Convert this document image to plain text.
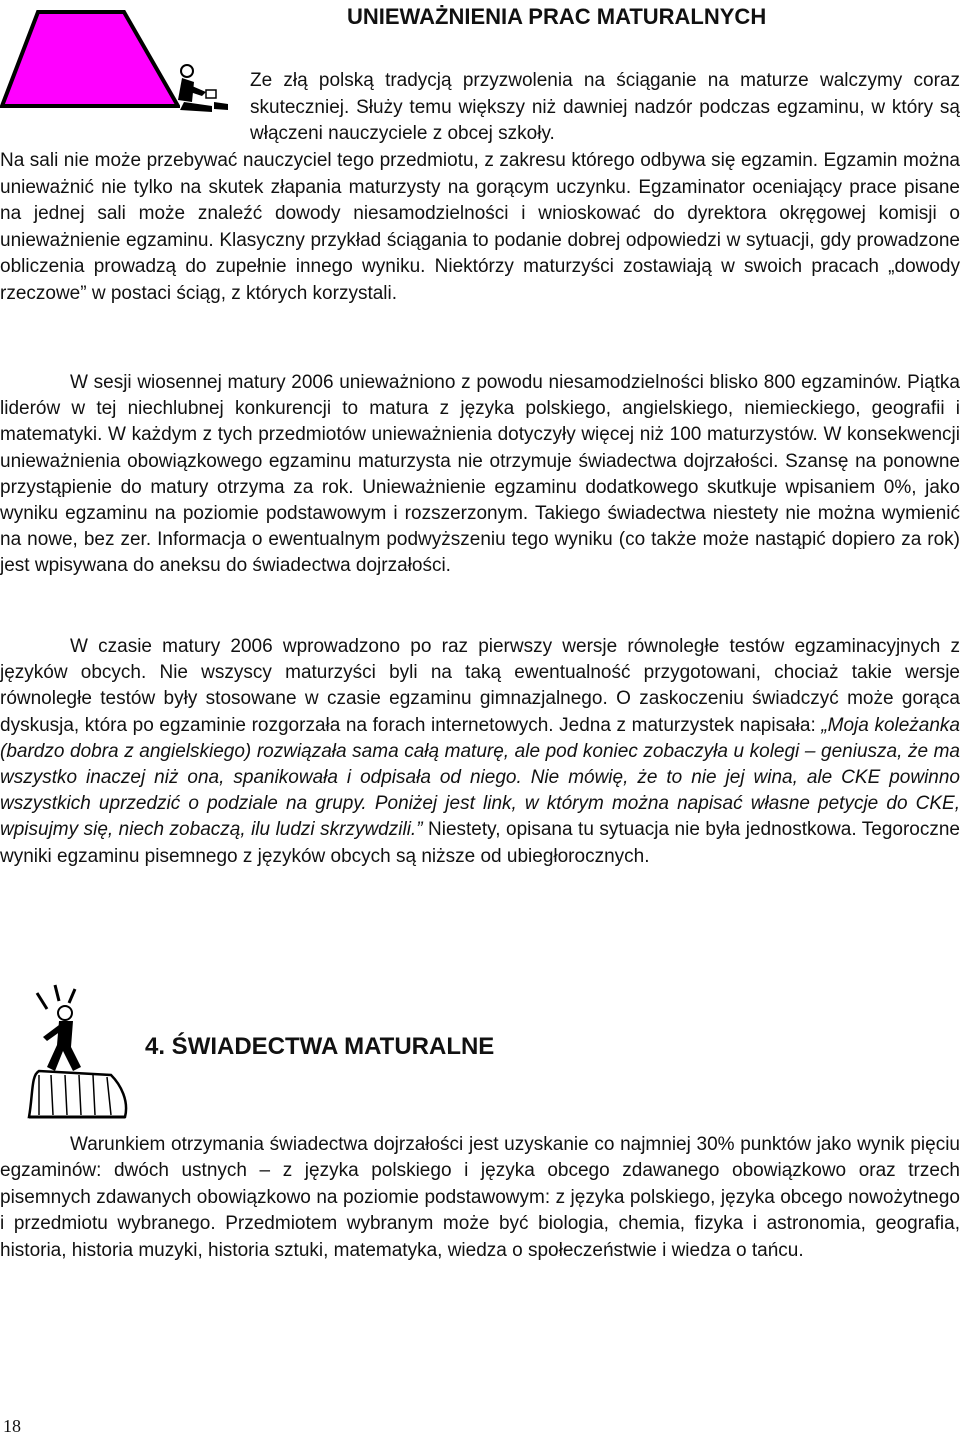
UNIEWAŻNIENIA PRAC MATURALNYCH

Ze złą polską tradycją przyzwolenia na ściąganie na maturze walczymy coraz skuteczniej. Służy temu większy niż dawniej nadzór podczas egzaminu, w który są włączeni nauczyciele z obcej szkoły.

Na sali nie może przebywać nauczyciel tego przedmiotu, z zakresu którego odbywa się egzamin. Egzamin można unieważnić nie tylko na skutek złapania maturzysty na gorącym uczynku. Egzaminator oceniający prace pisane na jednej sali może znaleźć dowody niesamodzielności i wnioskować do dyrektora okręgowej komisji o unieważnienie egzaminu. Klasyczny przykład ściągania to podanie dobrej odpowiedzi w sytuacji, gdy prowadzone obliczenia prowadzą do zupełnie innego wyniku. Niektórzy maturzyści zostawiają w swoich pracach „dowody rzeczowe” w postaci ściąg, z których korzystali.

W sesji wiosennej matury 2006 unieważniono z powodu niesamodzielności blisko 800 egzaminów. Piątka liderów w tej niechlubnej konkurencji to matura z języka polskiego, angielskiego, niemieckiego, geografii i matematyki. W każdym z tych przedmiotów unieważnienia dotyczyły więcej niż 100 maturzystów. W konsekwencji unieważnienia obowiązkowego egzaminu maturzysta nie otrzymuje świadectwa dojrzałości. Szansę na ponowne przystąpienie do matury otrzyma za rok. Unieważnienie egzaminu dodatkowego skutkuje wpisaniem 0%, jako wyniku egzaminu na poziomie podstawowym i rozszerzonym. Takiego świadectwa niestety nie można wymienić na nowe, bez zer. Informacja o ewentualnym podwyższeniu tego wyniku (co także może nastąpić dopiero za rok) jest wpisywana do aneksu do świadectwa dojrzałości.

W czasie matury 2006 wprowadzono po raz pierwszy wersje równoległe testów egzaminacyjnych z języków obcych. Nie wszyscy maturzyści byli na taką ewentualność przygotowani, chociaż takie wersje równoległe testów były stosowane w czasie egzaminu gimnazjalnego. O zaskoczeniu świadczyć może gorąca dyskusja, która po egzaminie rozgorzała na forach internetowych. Jedna z maturzystek napisała: „Moja koleżanka (bardzo dobra z angielskiego) rozwiązała sama całą maturę, ale pod koniec zobaczyła u kolegi – geniusza, że ma wszystko inaczej niż ona, spanikowała i odpisała od niego. Nie mówię, że to nie jej wina, ale CKE powinno wszystkich uprzedzić o podziale na grupy. Poniżej jest link, w którym można napisać własne petycje do CKE, wpisujmy się, niech zobaczą, ilu ludzi skrzywdzili.” Niestety, opisana tu sytuacja nie była jednostkowa. Tegoroczne wyniki egzaminu pisemnego z języków obcych są niższe od ubiegłorocznych.

4. ŚWIADECTWA MATURALNE

Warunkiem otrzymania świadectwa dojrzałości jest uzyskanie co najmniej 30% punktów jako wynik pięciu egzaminów: dwóch ustnych – z języka polskiego i języka obcego zdawanego obowiązkowo oraz trzech pisemnych zdawanych obowiązkowo na poziomie podstawowym: z języka polskiego, języka obcego nowożytnego i przedmiotu wybranego. Przedmiotem wybranym może być biologia, chemia, fizyka i astronomia, geografia, historia, historia muzyki, historia sztuki, matematyka, wiedza o społeczeństwie i wiedza o tańcu.

18
